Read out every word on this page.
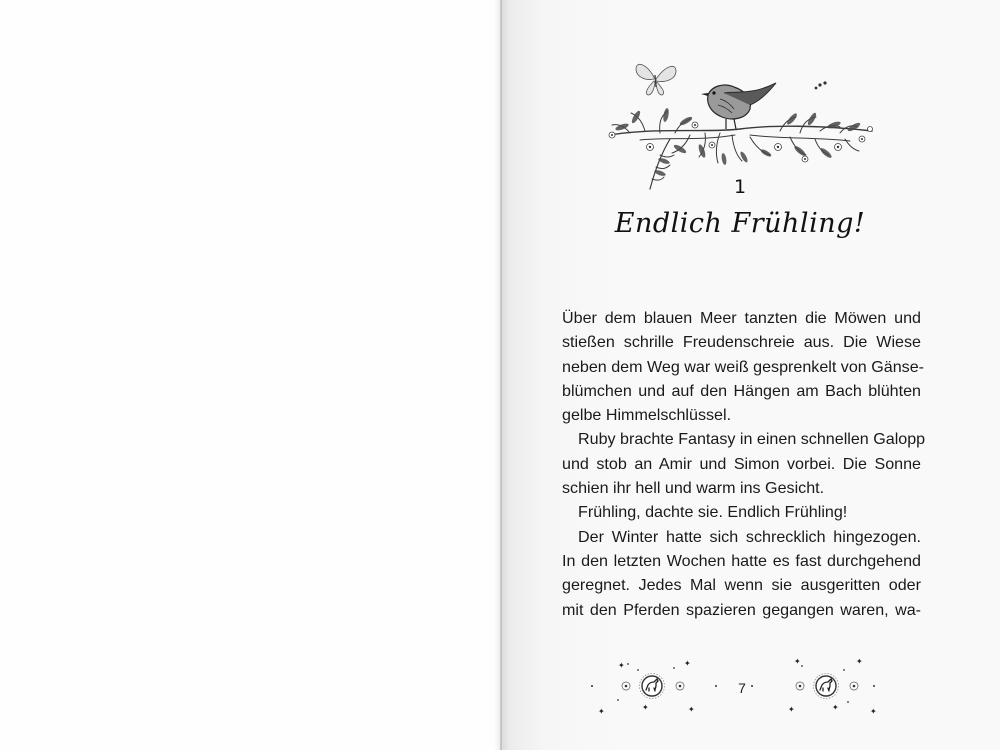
1
Endlich Frühling!
Über dem blauen Meer tanzten die Möwen und
stießen schrille Freudenschreie aus. Die Wiese
neben dem Weg war weiß gesprenkelt von Gänse-
blümchen und auf den Hängen am Bach blühten
gelbe Himmelschlüssel.
Ruby brachte Fantasy in einen schnellen Galopp
und stob an Amir und Simon vorbei. Die Sonne
schien ihr hell und warm ins Gesicht.
Frühling, dachte sie. Endlich Frühling!
Der Winter hatte sich schrecklich hingezogen.
In den letzten Wochen hatte es fast durchgehend
geregnet. Jedes Mal wenn sie ausgeritten oder
mit den Pferden spazieren gegangen waren, wa-
✦	✦
✦
✦
✦	✦
✦	✦
✦	✦
7
